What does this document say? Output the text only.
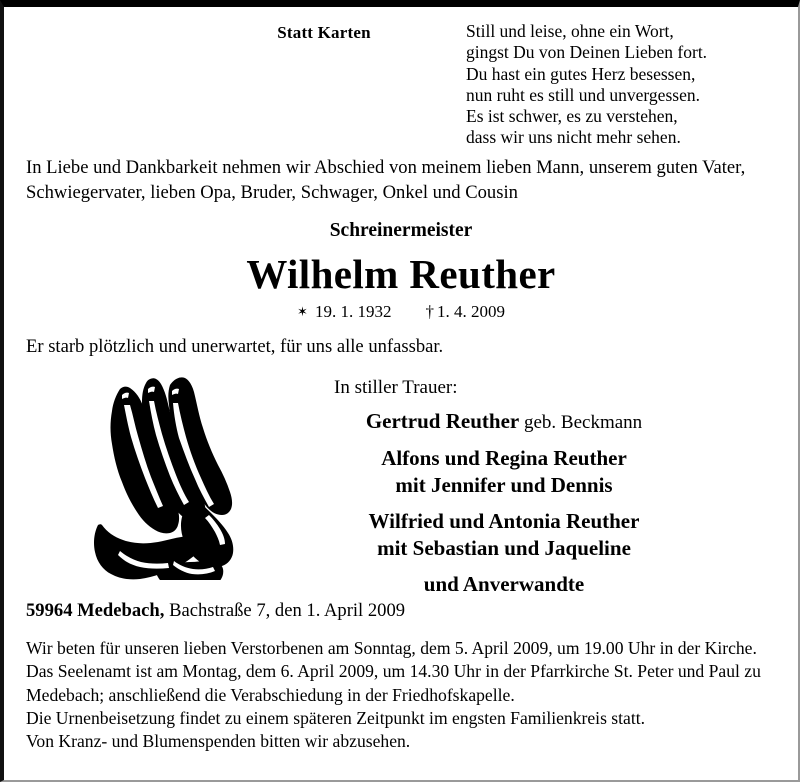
Statt Karten	Still und leise, ohne ein Wort,
gingst Du von Deinen Lieben fort.
Du hast ein gutes Herz besessen,
nun ruht es still und unvergessen.
Es ist schwer, es zu verstehen,
dass wir uns nicht mehr sehen.
In Liebe und Dankbarkeit nehmen wir Abschied von meinem lieben Mann, unserem guten Vater, Schwiegervater, lieben Opa, Bruder, Schwager, Onkel und Cousin
Schreinermeister
Wilhelm Reuther
✶ 19. 1. 1932 † 1. 4. 2009
Er starb plötzlich und unerwartet, für uns alle unfassbar.
In stiller Trauer:
Gertrud Reuther geb. Beckmann
Alfons und Regina Reuther
mit Jennifer und Dennis
Wilfried und Antonia Reuther
mit Sebastian und Jaqueline
und Anverwandte
59964 Medebach, Bachstraße 7, den 1. April 2009

Wir beten für unseren lieben Verstorbenen am Sonntag, dem 5. April 2009, um 19.00 Uhr in der Kirche.

Das Seelenamt ist am Montag, dem 6. April 2009, um 14.30 Uhr in der Pfarrkirche St. Peter und Paul zu Medebach; anschließend die Verabschiedung in der Friedhofskapelle.

Die Urnenbeisetzung findet zu einem späteren Zeitpunkt im engsten Familienkreis statt.

Von Kranz- und Blumenspenden bitten wir abzusehen.
